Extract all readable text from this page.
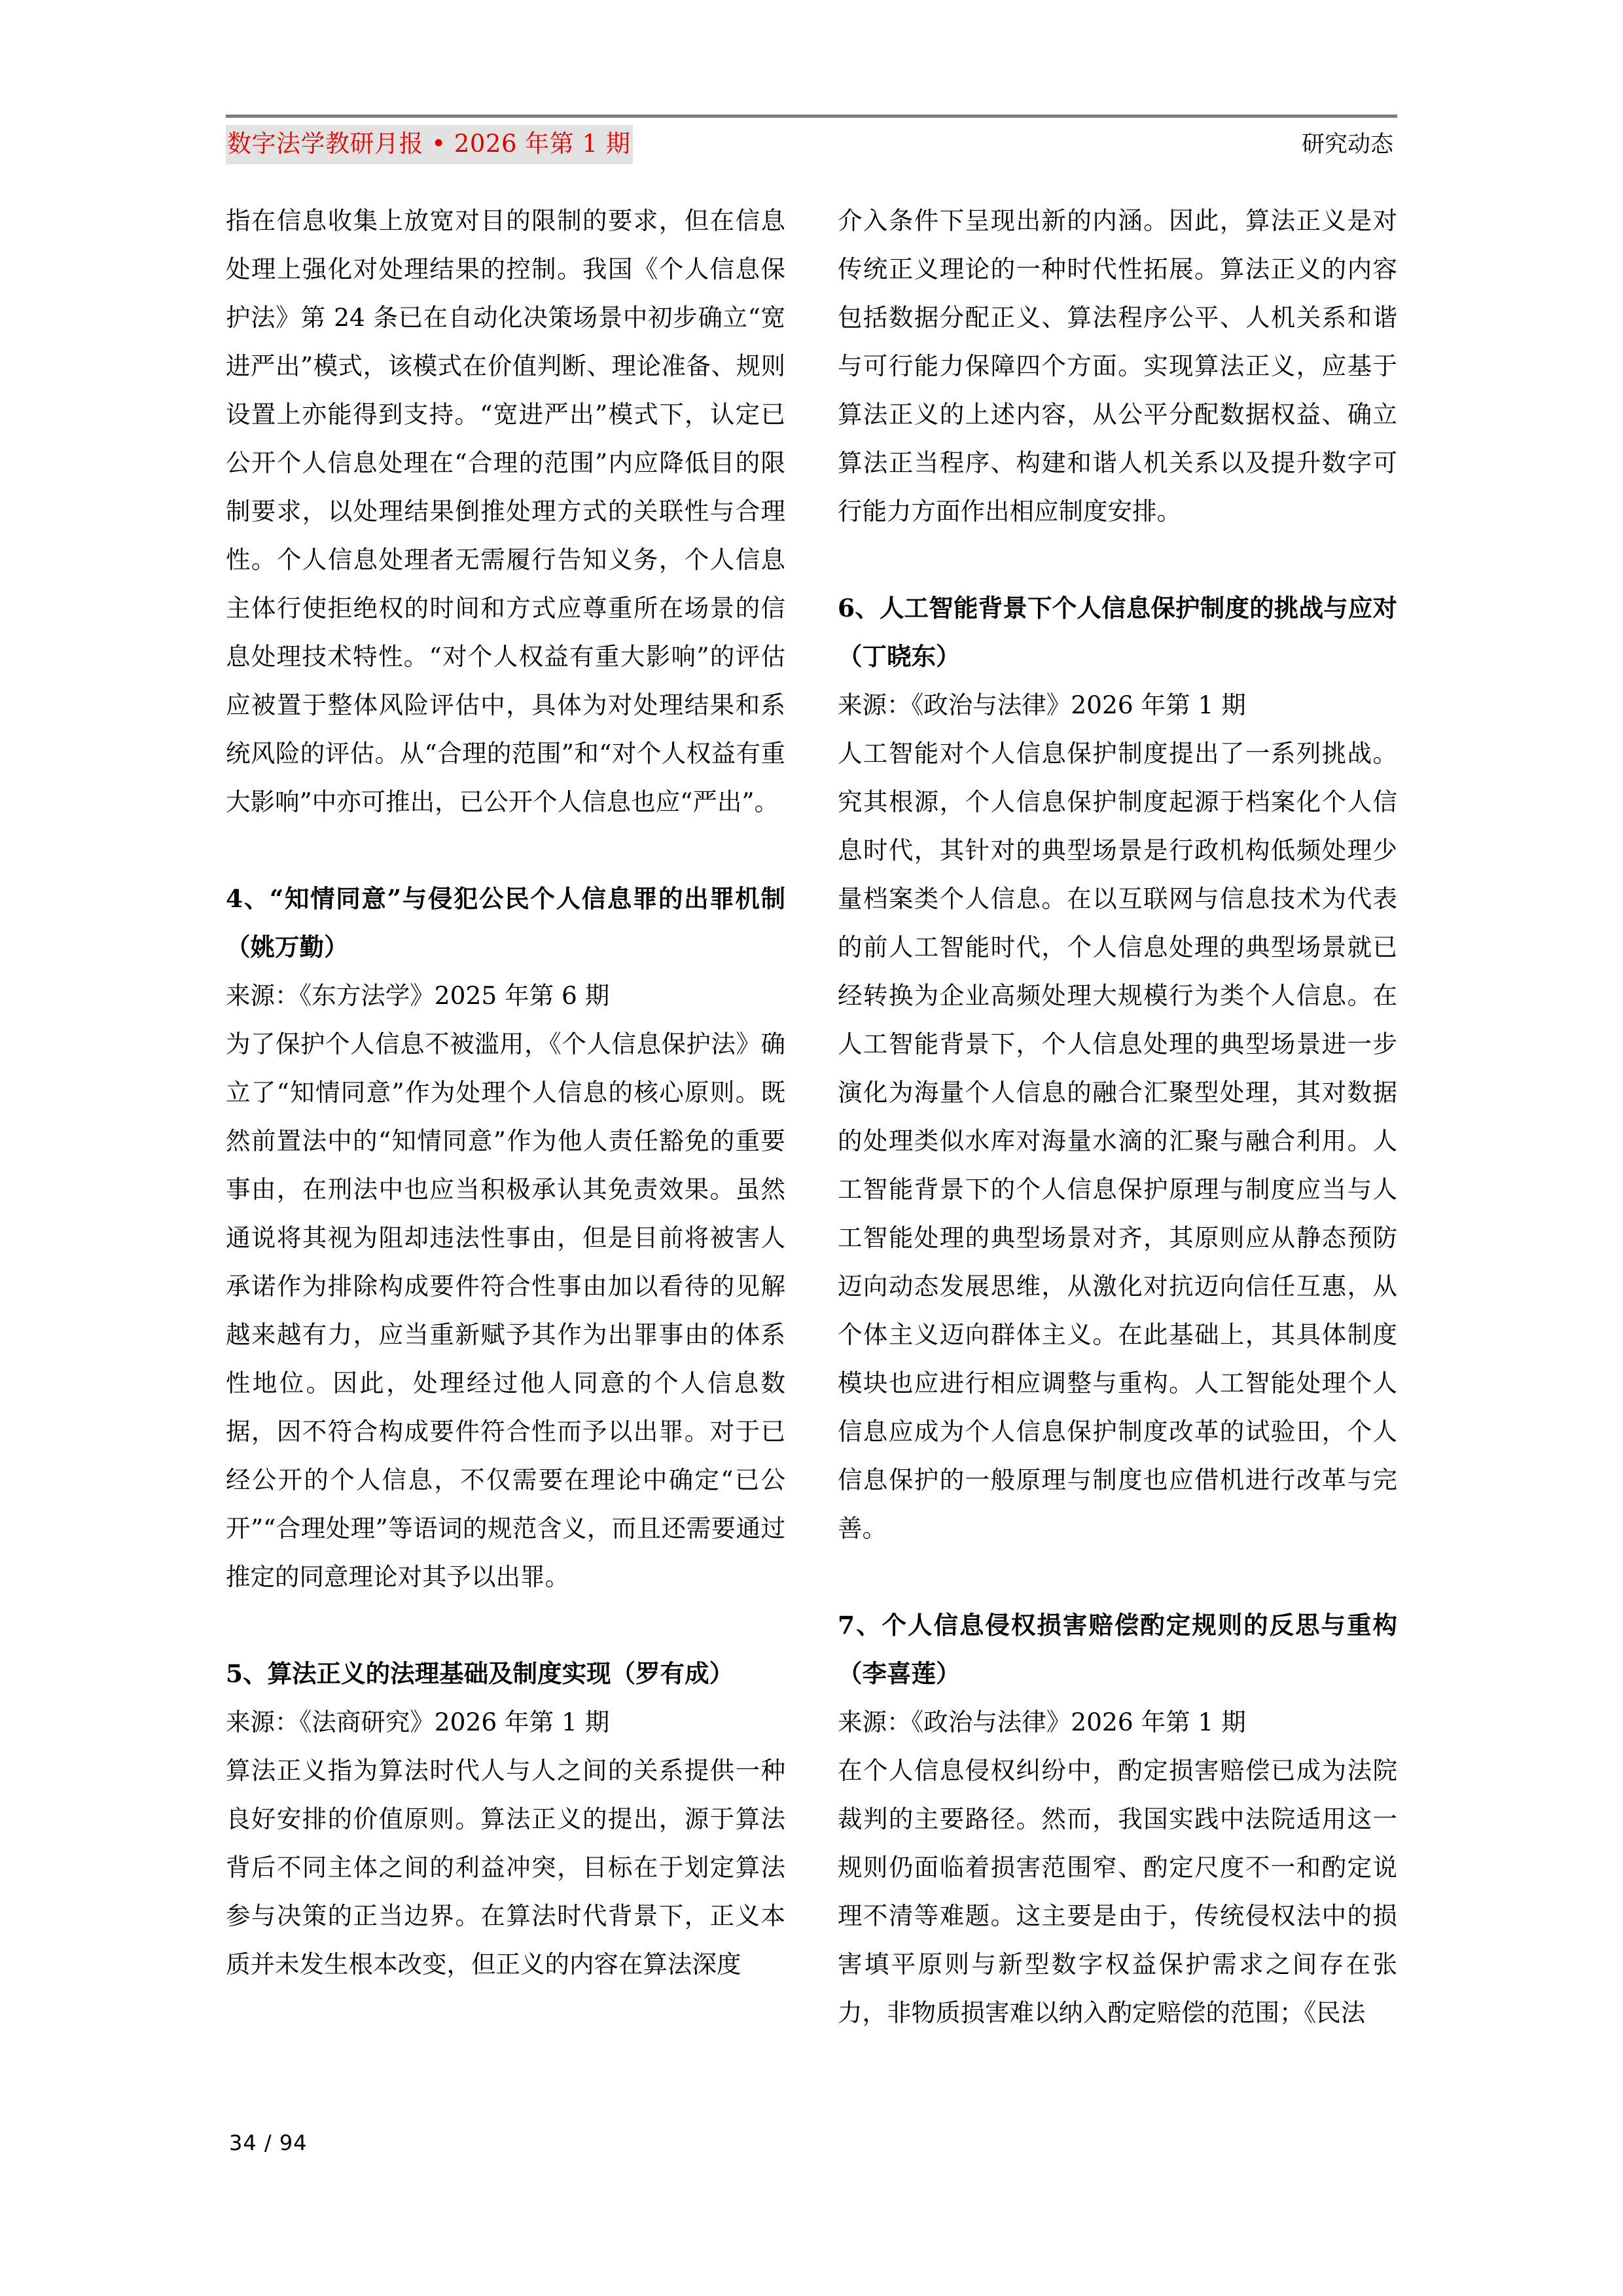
数字法学教研月报 • 2026 年第 1 期	研究动态

指在信息收集上放宽对目的限制的要求，但在信息处理上强化对处理结果的控制。我国《个人信息保护法》第 24 条已在自动化决策场景中初步确立“宽进严出”模式，该模式在价值判断、理论准备、规则设置上亦能得到支持。“宽进严出”模式下，认定已公开个人信息处理在“合理的范围”内应降低目的限制要求，以处理结果倒推处理方式的关联性与合理性。个人信息处理者无需履行告知义务，个人信息主体行使拒绝权的时间和方式应尊重所在场景的信息处理技术特性。“对个人权益有重大影响”的评估应被置于整体风险评估中，具体为对处理结果和系统风险的评估。从“合理的范围”和“对个人权益有重大影响”中亦可推出，已公开个人信息也应“严出”。

4、“知情同意”与侵犯公民个人信息罪的出罪机制（姚万勤）

来源：《东方法学》2025 年第 6 期

为了保护个人信息不被滥用，《个人信息保护法》确立了“知情同意”作为处理个人信息的核心原则。既然前置法中的“知情同意”作为他人责任豁免的重要事由，在刑法中也应当积极承认其免责效果。虽然通说将其视为阻却违法性事由，但是目前将被害人承诺作为排除构成要件符合性事由加以看待的见解越来越有力，应当重新赋予其作为出罪事由的体系性地位。因此，处理经过他人同意的个人信息数据，因不符合构成要件符合性而予以出罪。对于已经公开的个人信息，不仅需要在理论中确定“已公开”“合理处理”等语词的规范含义，而且还需要通过推定的同意理论对其予以出罪。

5、算法正义的法理基础及制度实现（罗有成）

来源：《法商研究》2026 年第 1 期

算法正义指为算法时代人与人之间的关系提供一种良好安排的价值原则。算法正义的提出，源于算法背后不同主体之间的利益冲突，目标在于划定算法参与决策的正当边界。在算法时代背景下，正义本质并未发生根本改变，但正义的内容在算法深度

介入条件下呈现出新的内涵。因此，算法正义是对传统正义理论的一种时代性拓展。算法正义的内容包括数据分配正义、算法程序公平、人机关系和谐与可行能力保障四个方面。实现算法正义，应基于算法正义的上述内容，从公平分配数据权益、确立算法正当程序、构建和谐人机关系以及提升数字可行能力方面作出相应制度安排。

6、人工智能背景下个人信息保护制度的挑战与应对（丁晓东）

来源：《政治与法律》2026 年第 1 期

人工智能对个人信息保护制度提出了一系列挑战。究其根源，个人信息保护制度起源于档案化个人信息时代，其针对的典型场景是行政机构低频处理少量档案类个人信息。在以互联网与信息技术为代表的前人工智能时代，个人信息处理的典型场景就已经转换为企业高频处理大规模行为类个人信息。在人工智能背景下，个人信息处理的典型场景进一步演化为海量个人信息的融合汇聚型处理，其对数据的处理类似水库对海量水滴的汇聚与融合利用。人工智能背景下的个人信息保护原理与制度应当与人工智能处理的典型场景对齐，其原则应从静态预防迈向动态发展思维，从激化对抗迈向信任互惠，从个体主义迈向群体主义。在此基础上，其具体制度模块也应进行相应调整与重构。人工智能处理个人信息应成为个人信息保护制度改革的试验田，个人信息保护的一般原理与制度也应借机进行改革与完善。

7、个人信息侵权损害赔偿酌定规则的反思与重构（李喜莲）

来源：《政治与法律》2026 年第 1 期

在个人信息侵权纠纷中，酌定损害赔偿已成为法院裁判的主要路径。然而，我国实践中法院适用这一规则仍面临着损害范围窄、酌定尺度不一和酌定说理不清等难题。这主要是由于，传统侵权法中的损害填平原则与新型数字权益保护需求之间存在张力，非物质损害难以纳入酌定赔偿的范围；《民法

34 / 94
